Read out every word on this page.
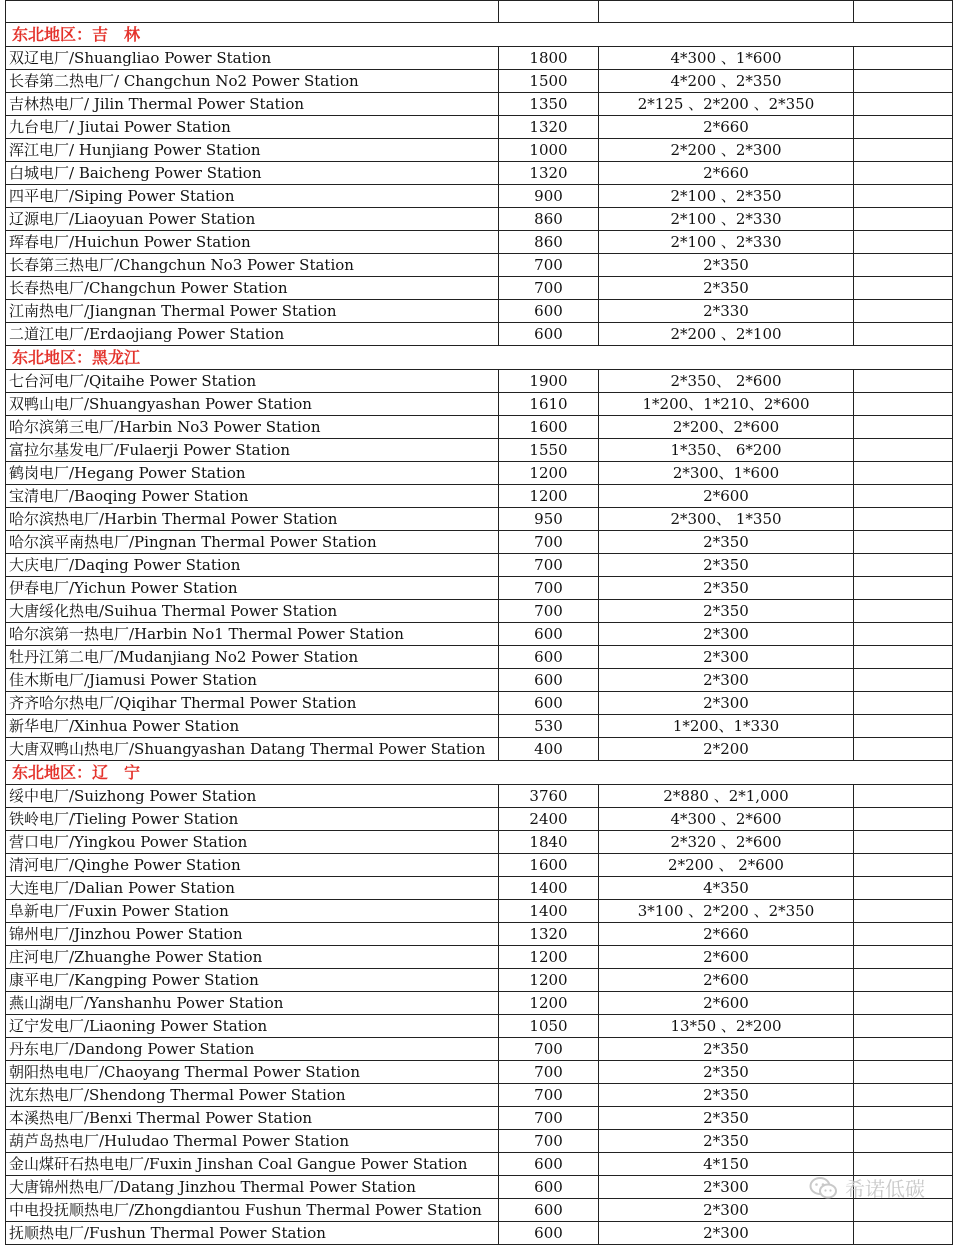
东北地区：吉　林
双辽电厂/Shuangliao Power Station	1800	4*300 、1*600
长春第二热电厂/ Changchun No2 Power Station	1500	4*200 、2*350
吉林热电厂/ Jilin Thermal Power Station	1350	2*125 、2*200 、2*350
九台电厂/ Jiutai Power Station	1320	2*660
浑江电厂/ Hunjiang Power Station	1000	2*200 、2*300
白城电厂/ Baicheng Power Station	1320	2*660
四平电厂/Siping Power Station	900	2*100 、2*350
辽源电厂/Liaoyuan Power Station	860	2*100 、2*330
珲春电厂/Huichun Power Station	860	2*100 、2*330
长春第三热电厂/Changchun No3 Power Station	700	2*350
长春热电厂/Changchun Power Station	700	2*350
江南热电厂/Jiangnan Thermal Power Station	600	2*330
二道江电厂/Erdaojiang Power Station	600	2*200 、2*100
东北地区：黑龙江
七台河电厂/Qitaihe Power Station	1900	2*350、 2*600
双鸭山电厂/Shuangyashan Power Station	1610	1*200、1*210、2*600
哈尔滨第三电厂/Harbin No3 Power Station	1600	2*200、2*600
富拉尔基发电厂/Fulaerji Power Station	1550	1*350、 6*200
鹤岗电厂/Hegang Power Station	1200	2*300、1*600
宝清电厂/Baoqing Power Station	1200	2*600
哈尔滨热电厂/Harbin Thermal Power Station	950	2*300、 1*350
哈尔滨平南热电厂/Pingnan Thermal Power Station	700	2*350
大庆电厂/Daqing Power Station	700	2*350
伊春电厂/Yichun Power Station	700	2*350
大唐绥化热电/Suihua Thermal Power Station	700	2*350
哈尔滨第一热电厂/Harbin No1 Thermal Power Station	600	2*300
牡丹江第二电厂/Mudanjiang No2 Power Station	600	2*300
佳木斯电厂/Jiamusi Power Station	600	2*300
齐齐哈尔热电厂/Qiqihar Thermal Power Station	600	2*300
新华电厂/Xinhua Power Station	530	1*200、1*330
大唐双鸭山热电厂/Shuangyashan Datang Thermal Power Station	400	2*200
东北地区：辽　宁
绥中电厂/Suizhong Power Station	3760	2*880 、2*1,000
铁岭电厂/Tieling Power Station	2400	4*300 、2*600
营口电厂/Yingkou Power Station	1840	2*320 、2*600
清河电厂/Qinghe Power Station	1600	2*200 、 2*600
大连电厂/Dalian Power Station	1400	4*350
阜新电厂/Fuxin Power Station	1400	3*100 、2*200 、2*350
锦州电厂/Jinzhou Power Station	1320	2*660
庄河电厂/Zhuanghe Power Station	1200	2*600
康平电厂/Kangping Power Station	1200	2*600
燕山湖电厂/Yanshanhu Power Station	1200	2*600
辽宁发电厂/Liaoning Power Station	1050	13*50 、2*200
丹东电厂/Dandong Power Station	700	2*350
朝阳热电电厂/Chaoyang Thermal Power Station	700	2*350
沈东热电厂/Shendong Thermal Power Station	700	2*350
本溪热电厂/Benxi Thermal Power Station	700	2*350
葫芦岛热电厂/Huludao Thermal Power Station	700	2*350
金山煤矸石热电电厂/Fuxin Jinshan Coal Gangue Power Station	600	4*150
大唐锦州热电厂/Datang Jinzhou Thermal Power Station	600	2*300
中电投抚顺热电厂/Zhongdiantou Fushun Thermal Power Station	600	2*300
抚顺热电厂/Fushun Thermal Power Station	600	2*300
希诺低碳
